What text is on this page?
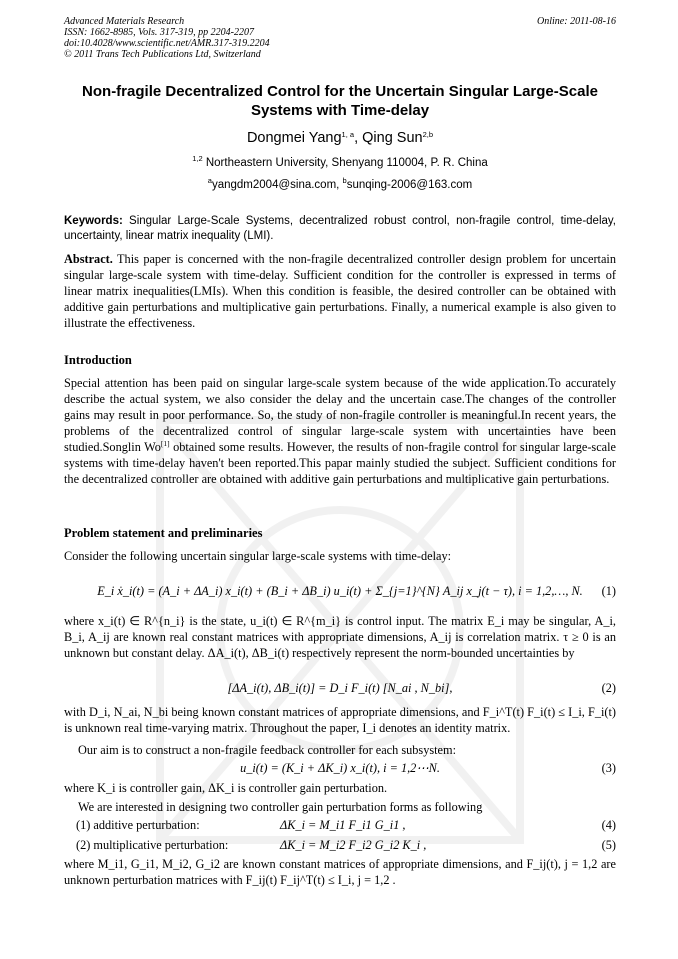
Advanced Materials Research
ISSN: 1662-8985, Vols. 317-319, pp 2204-2207
doi:10.4028/www.scientific.net/AMR.317-319.2204
© 2011 Trans Tech Publications Ltd, Switzerland
Online: 2011-08-16
Non-fragile Decentralized Control for the Uncertain Singular Large-Scale
Systems with Time-delay
Dongmei Yang$^{1, a}$, Qing Sun$^{2,b}$
$^{1,2}$ Northeastern University, Shenyang 110004, P. R. China
$^a$yangdm2004@sina.com, $^b$sunqing-2006@163.com
Keywords: Singular Large-Scale Systems, decentralized robust control, non-fragile control, time-delay, uncertainty, linear matrix inequality (LMI).
Abstract. This paper is concerned with the non-fragile decentralized controller design problem for uncertain singular large-scale system with time-delay. Sufficient condition for the controller is expressed in terms of linear matrix inequalities(LMIs). When this condition is feasible, the desired controller can be obtained with additive gain perturbations and multiplicative gain perturbations. Finally, a numerical example is also given to illustrate the effectiveness.
Introduction
Special attention has been paid on singular large-scale system because of the wide application.To accurately describe the actual system, we also consider the delay and the uncertain case.The changes of the controller gains may result in poor performance. So, the study of non-fragile controller is meaningful.In recent years, the problems of the decentralized control of singular large-scale system with uncertainties have been studied.Songlin Wo[1] obtained some results. However, the results of non-fragile control for singular large-scale systems with time-delay haven't been reported.This papar mainly studied the subject. Sufficient conditions for the decentralized controller are obtained with additive gain perturbations and multiplicative gain perturbations.
Problem statement and preliminaries
Consider the following uncertain singular large-scale systems with time-delay:
E_i ẋ_i(t) = (A_i + ΔA_i) x_i(t) + (B_i + ΔB_i) u_i(t) + Σ_{j=1}^{N} A_ij x_j(t − τ), i = 1,2,…, N.	(1)
where x_i(t) ∈ R^{n_i} is the state, u_i(t) ∈ R^{m_i} is control input. The matrix E_i may be singular, A_i, B_i, A_ij are known real constant matrices with appropriate dimensions, A_ij is correlation matrix. τ ≥ 0 is an unknown but constant delay. ΔA_i(t), ΔB_i(t) respectively represent the norm-bounded uncertainties by
[ΔA_i(t), ΔB_i(t)] = D_i F_i(t) [N_ai , N_bi],	(2)
with D_i, N_ai, N_bi being known constant matrices of appropriate dimensions, and F_i^T(t) F_i(t) ≤ I_i, F_i(t) is unknown real time-varying matrix. Throughout the paper, I_i denotes an identity matrix.
Our aim is to construct a non-fragile feedback controller for each subsystem:
u_i(t) = (K_i + ΔK_i) x_i(t), i = 1,2⋯N.	(3)
where K_i is controller gain, ΔK_i is controller gain perturbation.
We are interested in designing two controller gain perturbation forms as following
(1) additive perturbation:	ΔK_i = M_i1 F_i1 G_i1 ,	(4)
(2) multiplicative perturbation:	ΔK_i = M_i2 F_i2 G_i2 K_i ,	(5)
where M_i1, G_i1, M_i2, G_i2 are known constant matrices of appropriate dimensions, and F_ij(t), j = 1,2 are unknown perturbation matrices with F_ij(t) F_ij^T(t) ≤ I_i, j = 1,2 .
